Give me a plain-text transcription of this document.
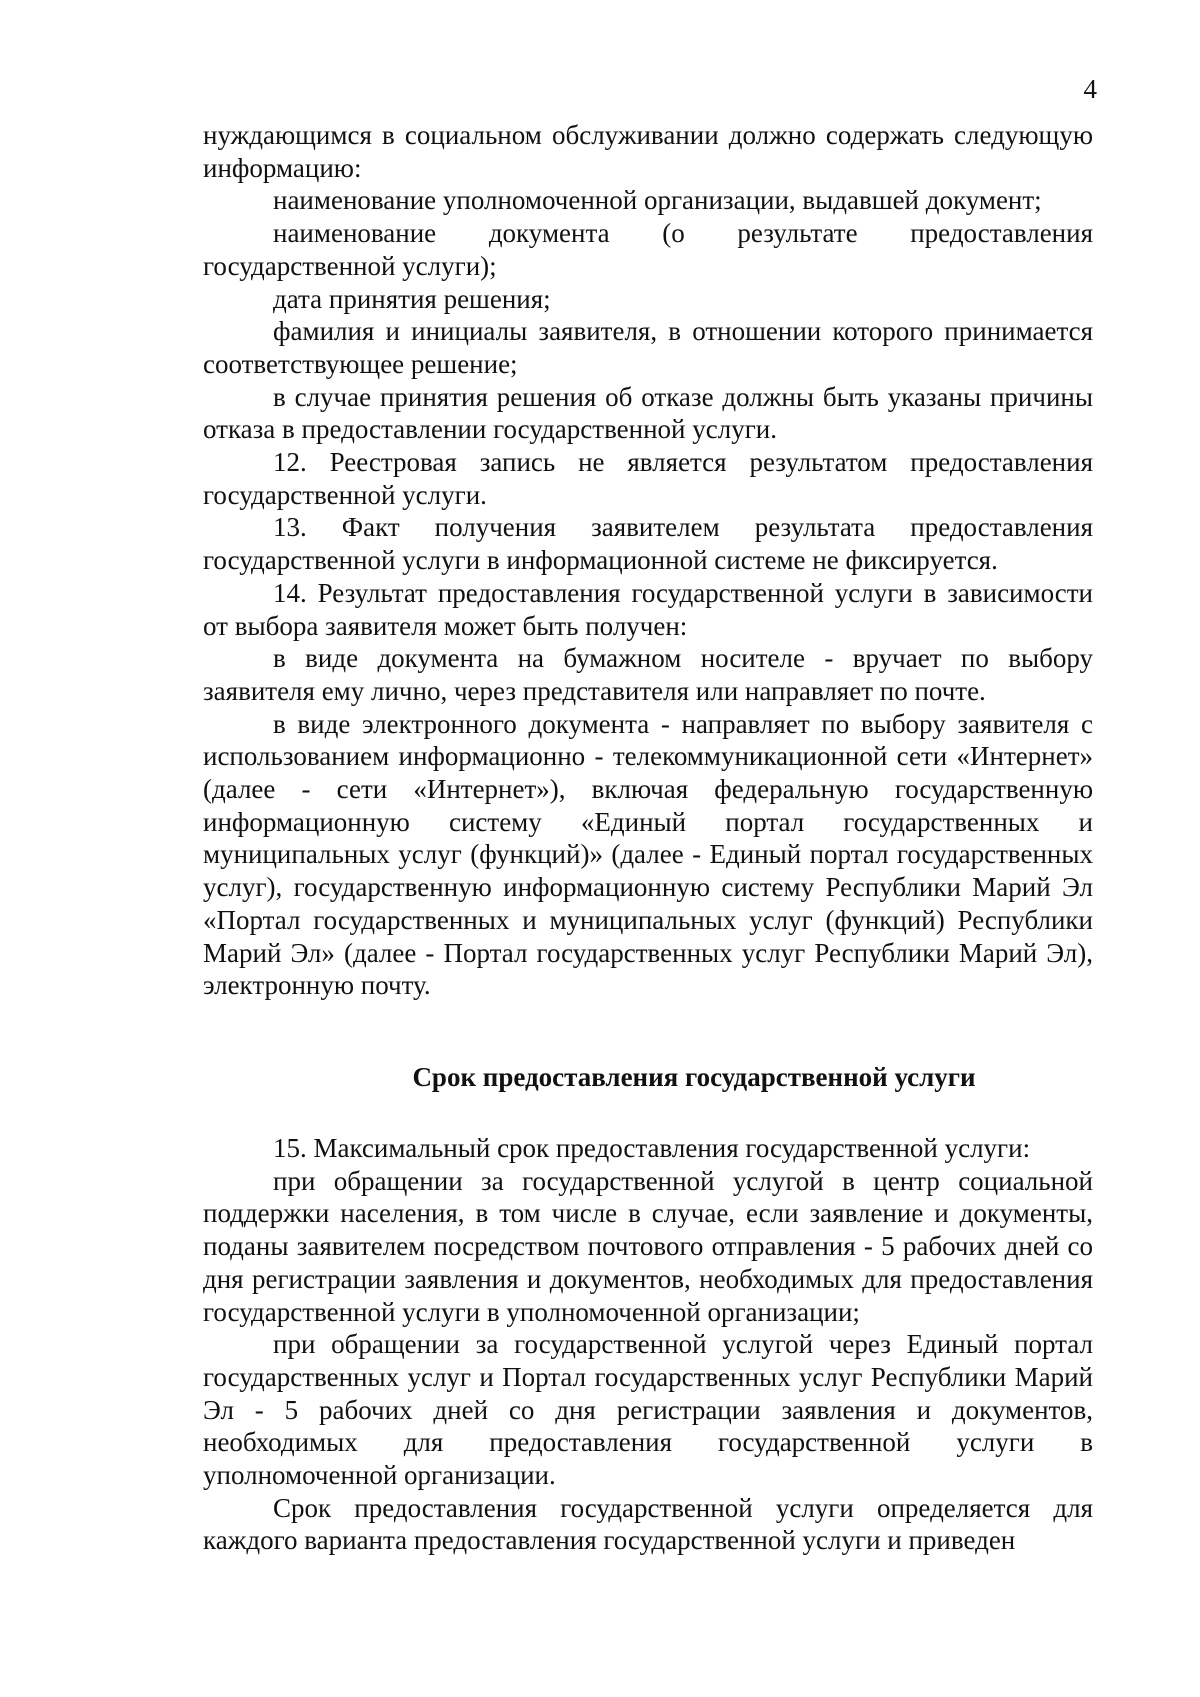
4

нуждающимся в социальном обслуживании должно содержать следующую информацию:

наименование уполномоченной организации, выдавшей документ;

наименование документа (о результате предоставления государственной услуги);

дата принятия решения;

фамилия и инициалы заявителя, в отношении которого принимается соответствующее решение;

в случае принятия решения об отказе должны быть указаны причины отказа в предоставлении государственной услуги.

12. Реестровая запись не является результатом предоставления государственной услуги.

13. Факт получения заявителем результата предоставления государственной услуги в информационной системе не фиксируется.

14. Результат предоставления государственной услуги в зависимости от выбора заявителя может быть получен:

в виде документа на бумажном носителе - вручает по выбору заявителя ему лично, через представителя или направляет по почте.

в виде электронного документа - направляет по выбору заявителя с использованием информационно - телекоммуникационной сети «Интернет» (далее - сети «Интернет»), включая федеральную государственную информационную систему «Единый портал государственных и муниципальных услуг (функций)» (далее - Единый портал государственных услуг), государственную информационную систему Республики Марий Эл «Портал государственных и муниципальных услуг (функций) Республики Марий Эл» (далее - Портал государственных услуг Республики Марий Эл), электронную почту.

Срок предоставления государственной услуги

15. Максимальный срок предоставления государственной услуги:

при обращении за государственной услугой в центр социальной поддержки населения, в том числе в случае, если заявление и документы, поданы заявителем посредством почтового отправления - 5 рабочих дней со дня регистрации заявления и документов, необходимых для предоставления государственной услуги в уполномоченной организации;

при обращении за государственной услугой через Единый портал государственных услуг и Портал государственных услуг Республики Марий Эл - 5 рабочих дней со дня регистрации заявления и документов, необходимых для предоставления государственной услуги в уполномоченной организации.

Срок предоставления государственной услуги определяется для каждого варианта предоставления государственной услуги и приведен
